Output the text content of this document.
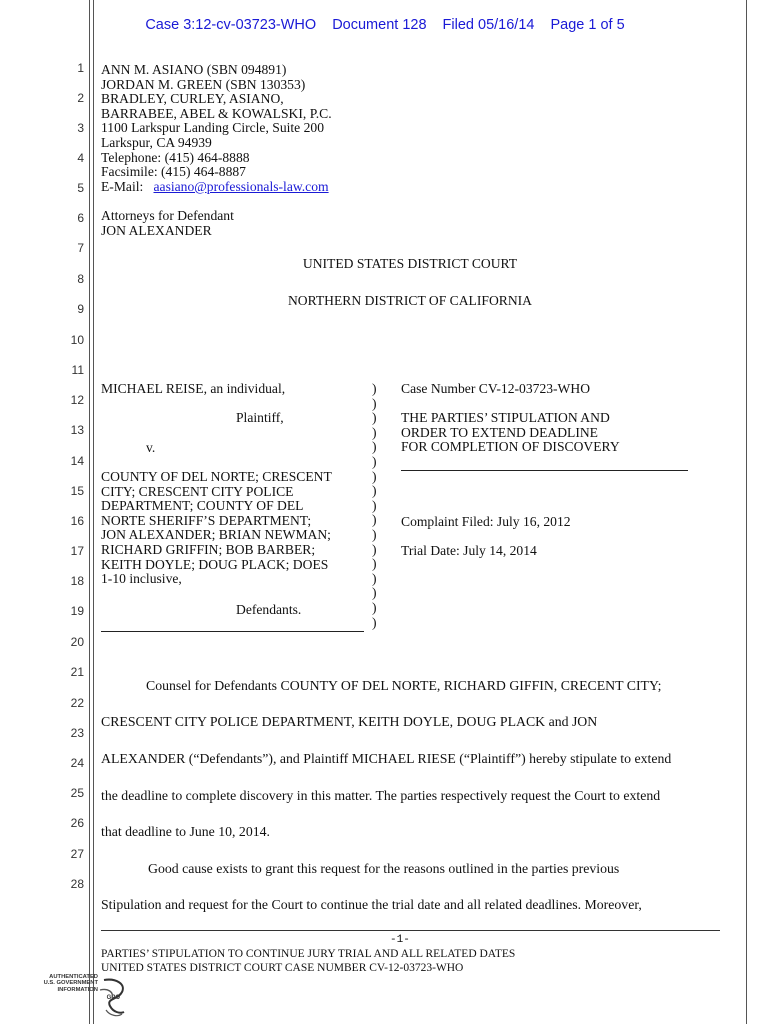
Case 3:12-cv-03723-WHO Document 128 Filed 05/16/14 Page 1 of 5
1
2
3
4
5
6
7
8
9
10
11
12
13
14
15
16
17
18
19
20
21
22
23
24
25
26
27
28
ANN M. ASIANO (SBN 094891)
JORDAN M. GREEN (SBN 130353)
BRADLEY, CURLEY, ASIANO,
BARRABEE, ABEL & KOWALSKI, P.C.
1100 Larkspur Landing Circle, Suite 200
Larkspur, CA 94939
Telephone: (415) 464-8888
Facsimile: (415) 464-8887
E-Mail: aasiano@professionals-law.com
Attorneys for Defendant
JON ALEXANDER
UNITED STATES DISTRICT COURT
NORTHERN DISTRICT OF CALIFORNIA
MICHAEL REISE, an individual,
Plaintiff,
v.
COUNTY OF DEL NORTE; CRESCENT
CITY; CRESCENT CITY POLICE
DEPARTMENT; COUNTY OF DEL
NORTE SHERIFF’S DEPARTMENT;
JON ALEXANDER; BRIAN NEWMAN;
RICHARD GRIFFIN; BOB BARBER;
KEITH DOYLE; DOUG PLACK; DOES
1-10 inclusive,
Defendants.
)
)
)
)
)
)
)
)
)
)
)
)
)
)
)
)
)
Case Number CV-12-03723-WHO
THE PARTIES’ STIPULATION AND
ORDER TO EXTEND DEADLINE
FOR COMPLETION OF DISCOVERY
Complaint Filed: July 16, 2012
Trial Date: July 14, 2014
Counsel for Defendants COUNTY OF DEL NORTE, RICHARD GIFFIN, CRECENT CITY;
CRESCENT CITY POLICE DEPARTMENT, KEITH DOYLE, DOUG PLACK and JON
ALEXANDER (“Defendants”), and Plaintiff MICHAEL RIESE (“Plaintiff”) hereby stipulate to extend
the deadline to complete discovery in this matter. The parties respectively request the Court to extend
that deadline to June 10, 2014.
Good cause exists to grant this request for the reasons outlined in the parties previous
Stipulation and request for the Court to continue the trial date and all related deadlines. Moreover,
-1-
PARTIES’ STIPULATION TO CONTINUE JURY TRIAL AND ALL RELATED DATES
UNITED STATES DISTRICT COURT CASE NUMBER CV-12-03723-WHO
AUTHENTICATED
U.S. GOVERNMENT
INFORMATION
GPO
